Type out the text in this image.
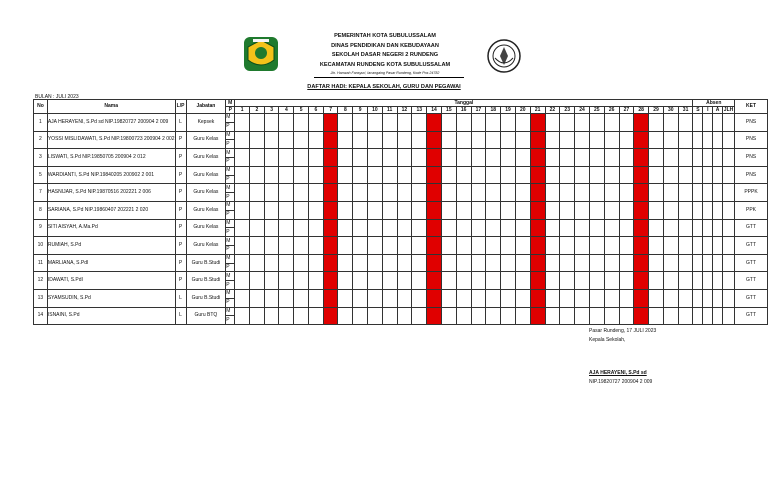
PEMERINTAH KOTA SUBULUSSALAM
DINAS PENDIDIKAN DAN KEBUDAYAAN
SEKOLAH DASAR NEGERI 2 RUNDENG
KECAMATAN RUNDENG KOTA SUBULUSSALAM
Jln. Hamzah Fansyuri, Iacangaing Pasar Rundeng, Kode Pos 24782
DAFTAR HADI: KEPALA SEKOLAH, GURU DAN PEGAWAI
BULAN : JULI 2023
No	Nama	L/P	Jabatan	M	Tanggal																															Absen				KET
				P	1	2	3	4	5	6	7	8	9	10	11	12	13	14	15	16	17	18	19	20	21	22	23	24	25	26	27	28	29	30	31	S	I	A	JLH	
1	AJA HERAYENI, S.Pd sd NIP.19820727 200904 2 009	L	Kepsek	M																																				PNS
				P																																				
2	YOSSI MISLIDAWATI, S.Pd NIP.19800723 200904 2 002	P	Guru Kelas	M																																				PNS
				P																																				
3	LISWATI, S.Pd NIP.19850705 200904 2 012	P	Guru Kelas	M																																				PNS
				P																																				
5	WARDIANTI, S.Pd NIP.19840205 200902 2 001	P	Guru Kelas	M																																				PNS
				P																																				
7	HASNIJAR, S.Pd NIP.19870516 202221 2 006	P	Guru Kelas	M																																				PPPK
				P																																				
8	SARIANA, S.Pd NIP.19860407 202221 2 020	P	Guru Kelas	M																																				PPK
				P																																				
9	SITI AISYAH, A.Ma.Pd	P	Guru Kelas	M																																				GTT
				P																																				
10	RUMIAH, S.Pd	P	Guru Kelas	M																																				GTT
				P																																				
11	MARLIANA, S.PdI	P	Guru B.Studi	M																																				GTT
				P																																				
12	IDAWATI, S.PdI	P	Guru B.Studi	M																																				GTT
				P																																				
13	SYAMSUDIN, S.Pd	L	Guru B.Studi	M																																				GTT
				P																																				
14	ISNAINI, S.Pd	L	Guru BTQ	M																																				GTT
				P																																				
Pasar Rundeng, 17 JULI 2023
Kepala Sekolah,
AJA HERAYENI, S.Pd sd
NIP.19820727 200904 2 009
